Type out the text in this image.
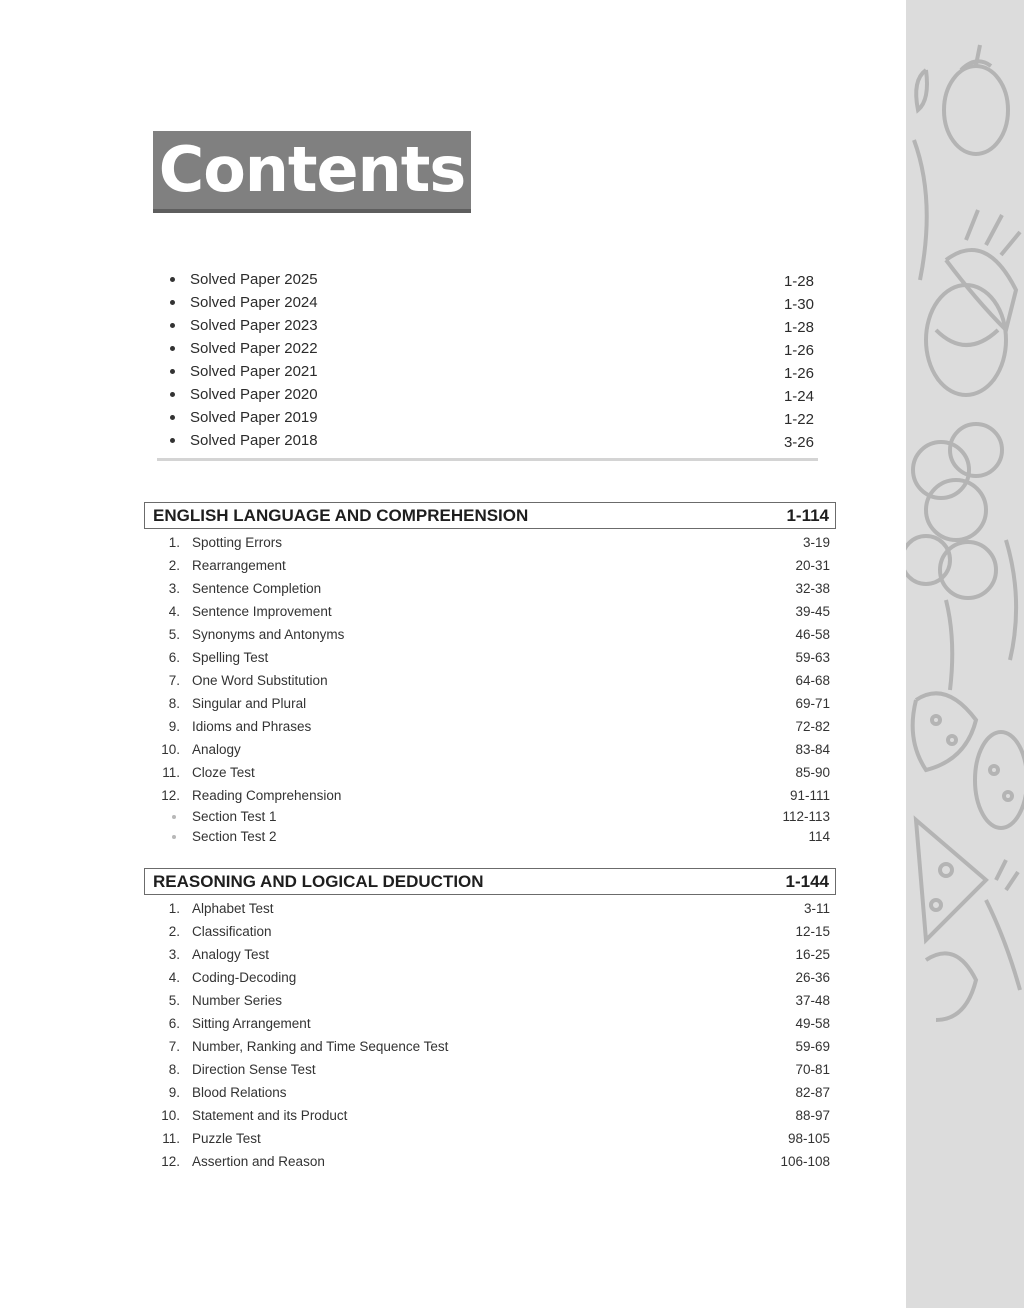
Contents
Solved Paper 2025	1-28
Solved Paper 2024	1-30
Solved Paper 2023	1-28
Solved Paper 2022	1-26
Solved Paper 2021	1-26
Solved Paper 2020	1-24
Solved Paper 2019	1-22
Solved Paper 2018	3-26
ENGLISH LANGUAGE AND COMPREHENSION	1-114
1. Spotting Errors	3-19
2. Rearrangement	20-31
3. Sentence Completion	32-38
4. Sentence Improvement	39-45
5. Synonyms and Antonyms	46-58
6. Spelling Test	59-63
7. One Word Substitution	64-68
8. Singular and Plural	69-71
9. Idioms and Phrases	72-82
10. Analogy	83-84
11. Cloze Test	85-90
12. Reading Comprehension	91-111
Section Test 1	112-113
Section Test 2	114
REASONING AND LOGICAL DEDUCTION	1-144
1. Alphabet Test	3-11
2. Classification	12-15
3. Analogy Test	16-25
4. Coding-Decoding	26-36
5. Number Series	37-48
6. Sitting Arrangement	49-58
7. Number, Ranking and Time Sequence Test	59-69
8. Direction Sense Test	70-81
9. Blood Relations	82-87
10. Statement and its Product	88-97
11. Puzzle Test	98-105
12. Assertion and Reason	106-108
